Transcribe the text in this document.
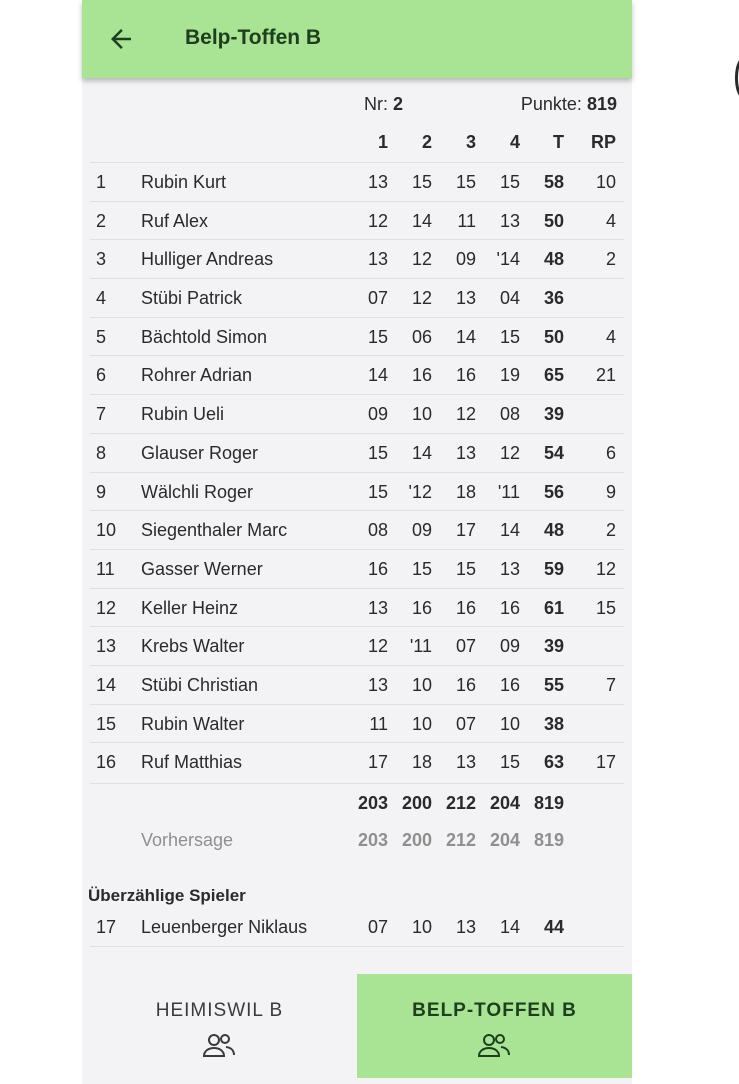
Belp-Toffen B
Nr: 2	Punkte: 819
1 2 3 4 T RP
1 Rubin Kurt	13 15 15 15 58 10
2 Ruf Alex	12 14 11 13 50 4
3 Hulliger Andreas	13 12 09 '14 48 2
4 Stübi Patrick	07 12 13 04 36
5 Bächtold Simon	15 06 14 15 50 4
6 Rohrer Adrian	14 16 16 19 65 21
7 Rubin Ueli	09 10 12 08 39
8 Glauser Roger	15 14 13 12 54 6
9 Wälchli Roger	15 '12 18 '11 56 9
10 Siegenthaler Marc	08 09 17 14 48 2
11 Gasser Werner	16 15 15 13 59 12
12 Keller Heinz	13 16 16 16 61 15
13 Krebs Walter	12 '11 07 09 39
14 Stübi Christian	13 10 16 16 55 7
15 Rubin Walter	11 10 07 10 38
16 Ruf Matthias	17 18 13 15 63 17
203 200 212 204 819
Vorhersage	203 200 212 204 819
Überzählige Spieler
17 Leuenberger Niklaus	07 10 13 14 44
HEIMISWIL B	BELP-TOFFEN B
